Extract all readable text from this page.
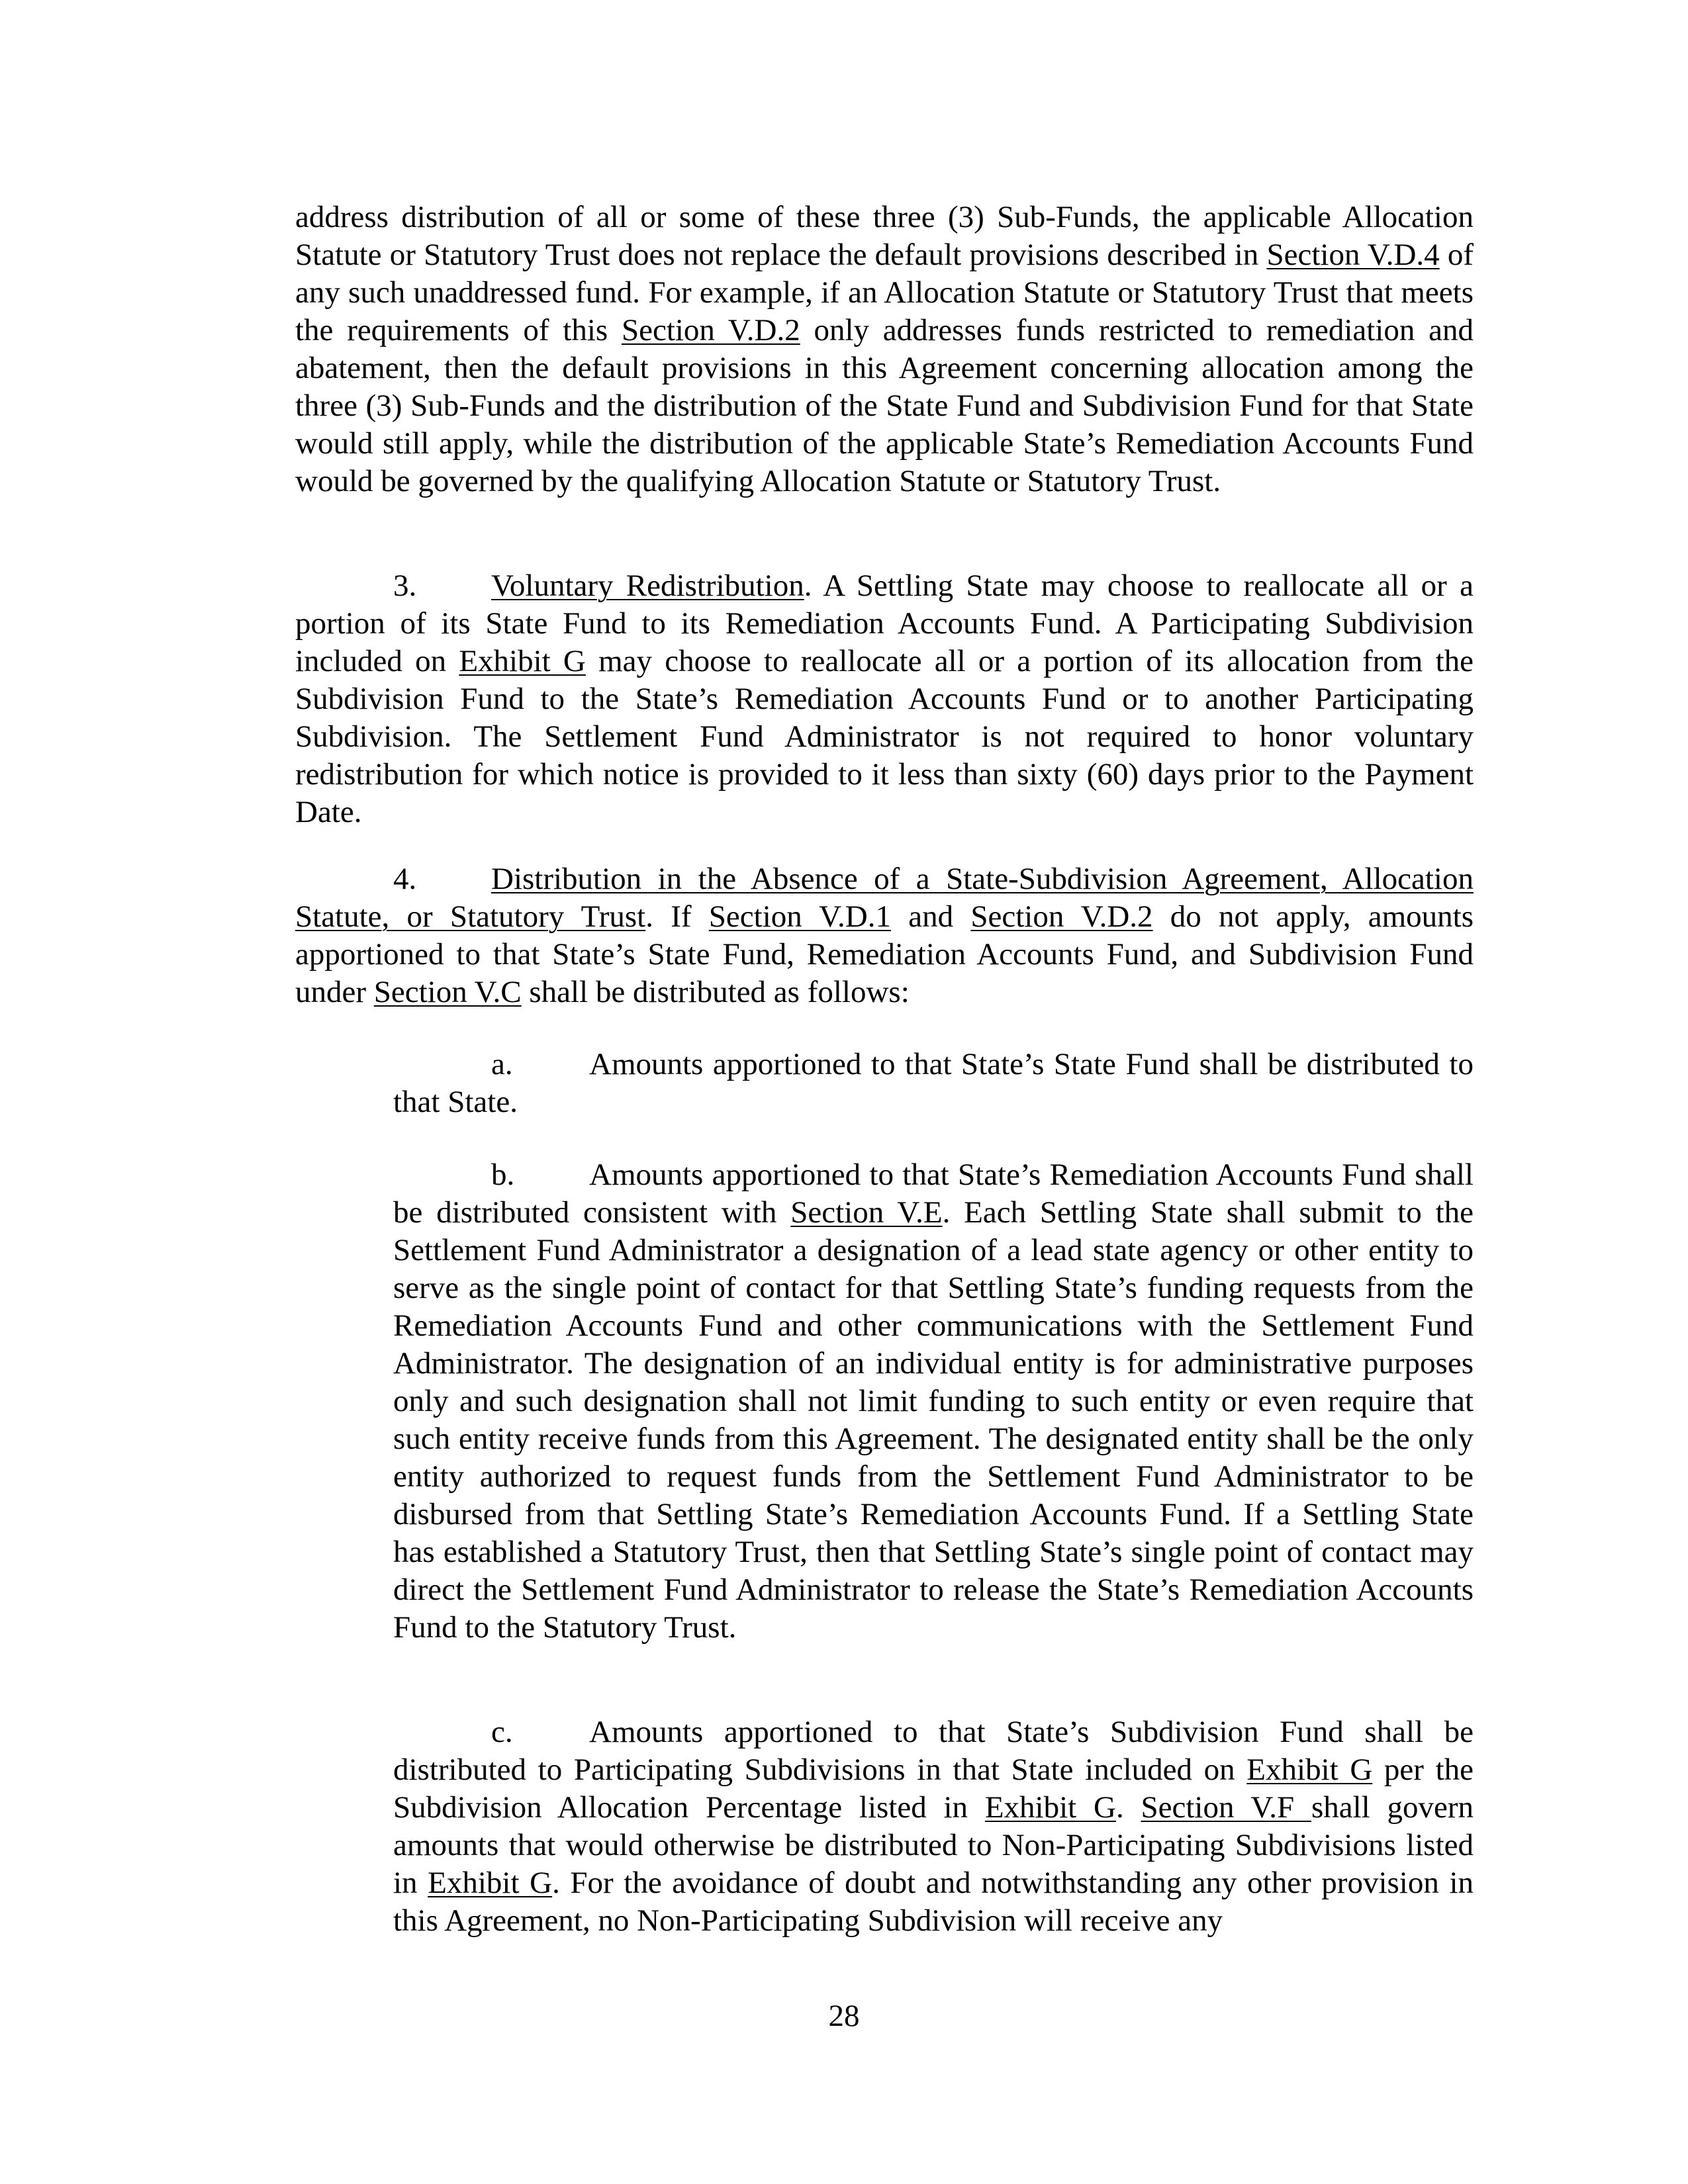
address distribution of all or some of these three (3) Sub-Funds, the applicable Allocation Statute or Statutory Trust does not replace the default provisions described in Section V.D.4 of any such unaddressed fund. For example, if an Allocation Statute or Statutory Trust that meets the requirements of this Section V.D.2 only addresses funds restricted to remediation and abatement, then the default provisions in this Agreement concerning allocation among the three (3) Sub-Funds and the distribution of the State Fund and Subdivision Fund for that State would still apply, while the distribution of the applicable State’s Remediation Accounts Fund would be governed by the qualifying Allocation Statute or Statutory Trust.

3. Voluntary Redistribution. A Settling State may choose to reallocate all or a portion of its State Fund to its Remediation Accounts Fund. A Participating Subdivision included on Exhibit G may choose to reallocate all or a portion of its allocation from the Subdivision Fund to the State’s Remediation Accounts Fund or to another Participating Subdivision. The Settlement Fund Administrator is not required to honor voluntary redistribution for which notice is provided to it less than sixty (60) days prior to the Payment Date.

4. Distribution in the Absence of a State-Subdivision Agreement, Allocation Statute, or Statutory Trust. If Section V.D.1 and Section V.D.2 do not apply, amounts apportioned to that State’s State Fund, Remediation Accounts Fund, and Subdivision Fund under Section V.C shall be distributed as follows:

a. Amounts apportioned to that State’s State Fund shall be distributed to that State.

b. Amounts apportioned to that State’s Remediation Accounts Fund shall be distributed consistent with Section V.E. Each Settling State shall submit to the Settlement Fund Administrator a designation of a lead state agency or other entity to serve as the single point of contact for that Settling State’s funding requests from the Remediation Accounts Fund and other communications with the Settlement Fund Administrator. The designation of an individual entity is for administrative purposes only and such designation shall not limit funding to such entity or even require that such entity receive funds from this Agreement. The designated entity shall be the only entity authorized to request funds from the Settlement Fund Administrator to be disbursed from that Settling State’s Remediation Accounts Fund. If a Settling State has established a Statutory Trust, then that Settling State’s single point of contact may direct the Settlement Fund Administrator to release the State’s Remediation Accounts Fund to the Statutory Trust.

c. Amounts apportioned to that State’s Subdivision Fund shall be distributed to Participating Subdivisions in that State included on Exhibit G per the Subdivision Allocation Percentage listed in Exhibit G. Section V.F shall govern amounts that would otherwise be distributed to Non-Participating Subdivisions listed in Exhibit G. For the avoidance of doubt and notwithstanding any other provision in this Agreement, no Non-Participating Subdivision will receive any

28
